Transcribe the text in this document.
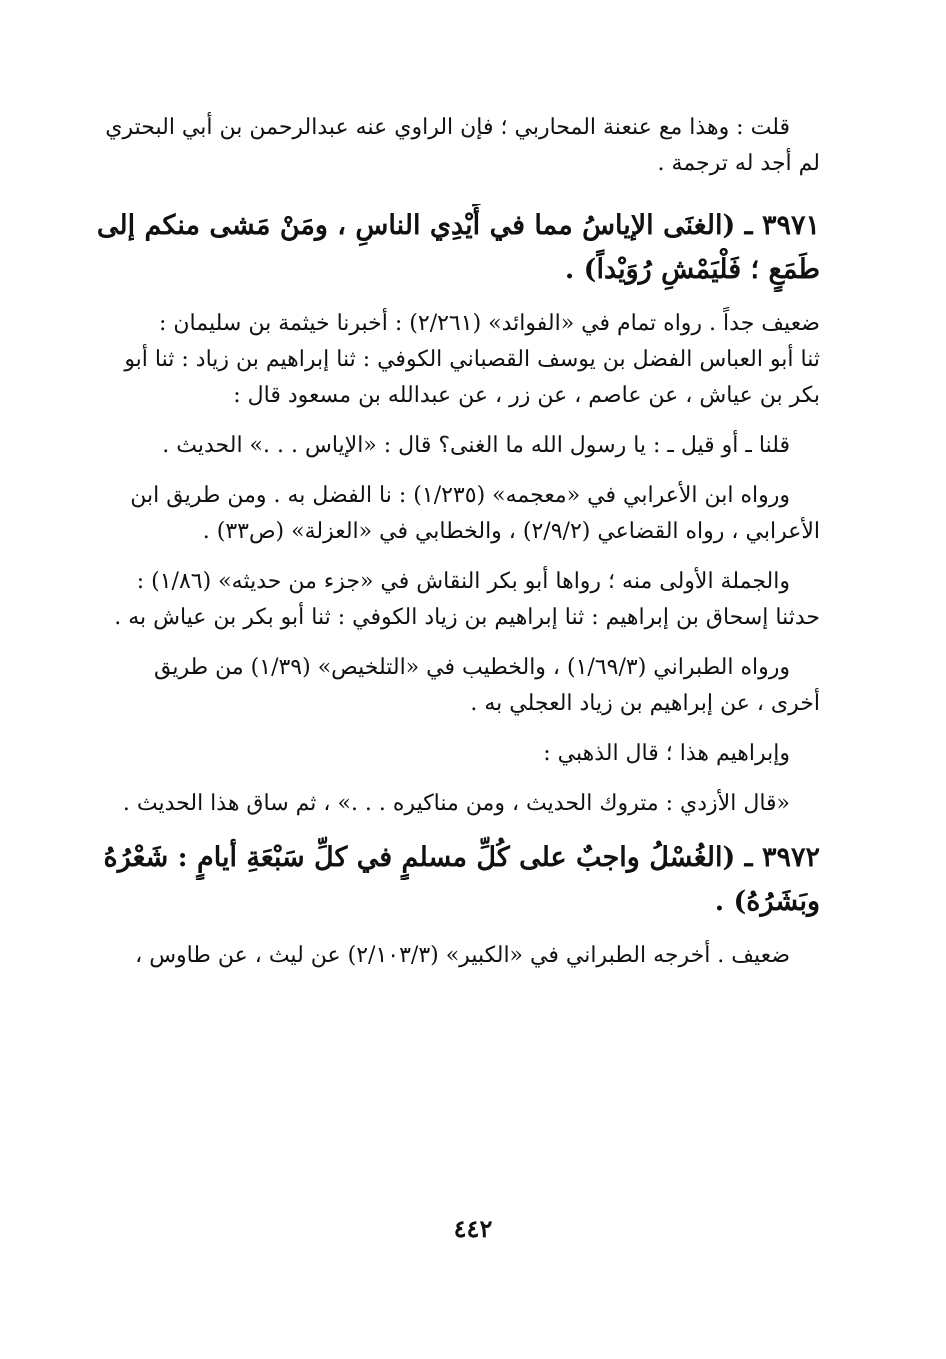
قلت : وهذا مع عنعنة المحاربي ؛ فإن الراوي عنه عبدالرحمن بن أبي البحتري

لم أجد له ترجمة .

٣٩٧١ ـ (الغنَى الإياسُ مما في أَيْدِي الناسِ ، ومَنْ مَشى منكم إلى

طَمَعٍ ؛ فَلْيَمْشِ رُوَيْداً) .

ضعيف جداً . رواه تمام في «الفوائد» (٢/٢٦١) : أخبرنا خيثمة بن سليمان :

ثنا أبو العباس الفضل بن يوسف القصباني الكوفي : ثنا إبراهيم بن زياد : ثنا أبو

بكر بن عياش ، عن عاصم ، عن زر ، عن عبدالله بن مسعود قال :

قلنا ـ أو قيل ـ : يا رسول الله ما الغنى؟ قال : «الإياس . . .» الحديث .

ورواه ابن الأعرابي في «معجمه» (١/٢٣٥) : نا الفضل به . ومن طريق ابن

الأعرابي ، رواه القضاعي (٢/٩/٢) ، والخطابي في «العزلة» (ص٣٣) .

والجملة الأولى منه ؛ رواها أبو بكر النقاش في «جزء من حديثه» (١/٨٦) :

حدثنا إسحاق بن إبراهيم : ثنا إبراهيم بن زياد الكوفي : ثنا أبو بكر بن عياش به .

ورواه الطبراني (١/٦٩/٣) ، والخطيب في «التلخيص» (١/٣٩) من طريق

أخرى ، عن إبراهيم بن زياد العجلي به .

وإبراهيم هذا ؛ قال الذهبي :

«قال الأزدي : متروك الحديث ، ومن مناكيره . . .» ، ثم ساق هذا الحديث .

٣٩٧٢ ـ (الغُسْلُ واجبٌ على كُلِّ مسلمٍ في كلِّ سَبْعَةِ أيامٍ : شَعْرُهُ

وبَشَرُهُ) .

ضعيف . أخرجه الطبراني في «الكبير» (٢/١٠٣/٣) عن ليث ، عن طاوس ،

٤٤٢
